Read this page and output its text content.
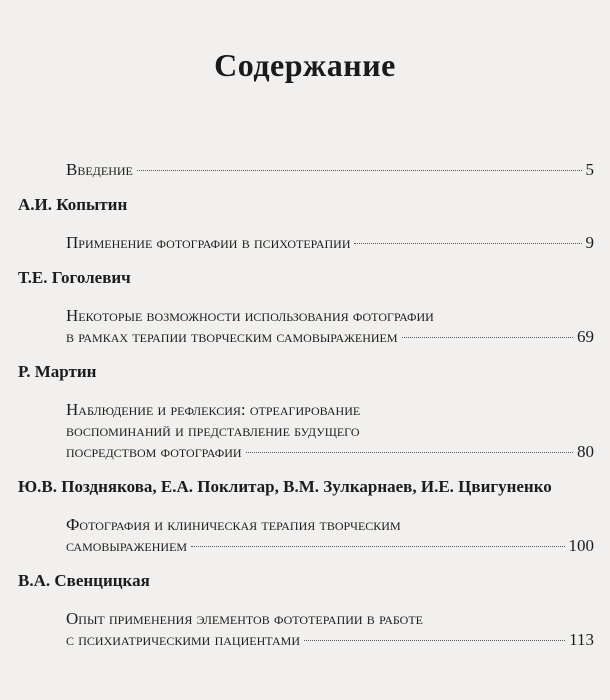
Содержание
Введение	5
А.И. Копытин
Применение фотографии в психотерапии	9
Т.Е. Гоголевич
Некоторые возможности использования фотографии
в рамках терапии творческим самовыражением	69
Р. Мартин
Наблюдение и рефлексия: отреагирование
воспоминаний и представление будущего
посредством фотографии	80
Ю.В. Позднякова, Е.А. Поклитар, В.М. Зулкарнаев, И.Е. Цвигуненко
Фотография и клиническая терапия творческим
самовыражением	100
В.А. Свенцицкая
Опыт применения элементов фототерапии в работе
с психиатрическими пациентами	113
